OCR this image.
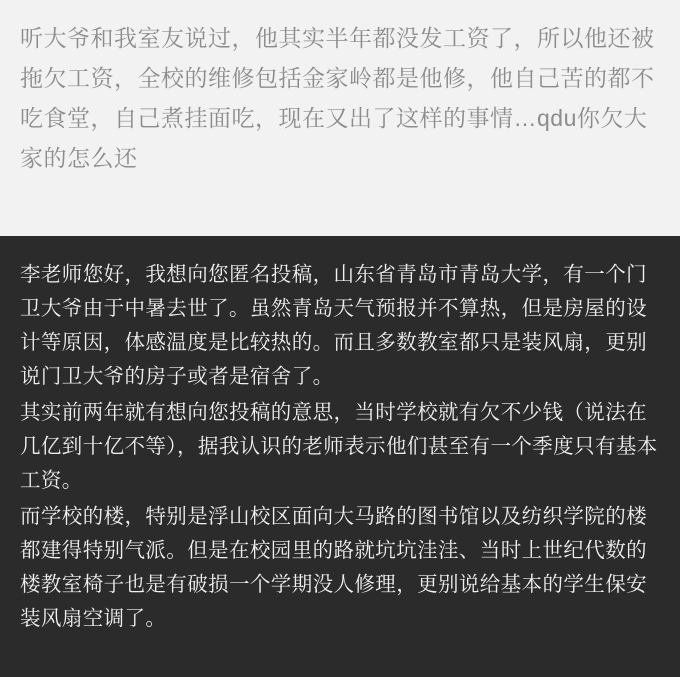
听大爷和我室友说过，他其实半年都没发工资了，所以他还被拖欠工资，全校的维修包括金家岭都是他修，他自己苦的都不吃食堂，自己煮挂面吃，现在又出了这样的事情…qdu你欠大家的怎么还

李老师您好，我想向您匿名投稿，山东省青岛市青岛大学，有一个门卫大爷由于中暑去世了。虽然青岛天气预报并不算热，但是房屋的设计等原因，体感温度是比较热的。而且多数教室都只是装风扇，更别说门卫大爷的房子或者是宿舍了。

其实前两年就有想向您投稿的意思，当时学校就有欠不少钱（说法在几亿到十亿不等），据我认识的老师表示他们甚至有一个季度只有基本工资。

而学校的楼，特别是浮山校区面向大马路的图书馆以及纺织学院的楼都建得特别气派。但是在校园里的路就坑坑洼洼、当时上世纪代数的楼教室椅子也是有破损一个学期没人修理，更别说给基本的学生保安装风扇空调了。
